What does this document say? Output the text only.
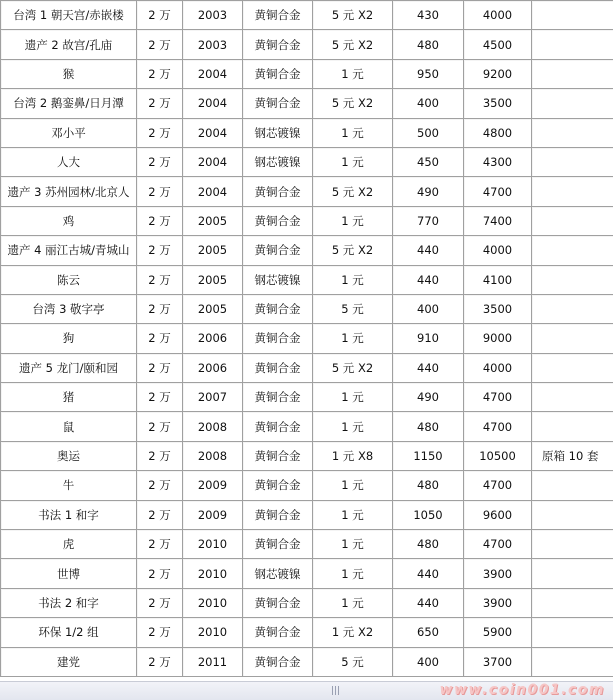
台湾 1 朝天宫/赤嵌楼	2 万	2003	黄铜合金	5 元 X2	430	4000	
遗产 2 故宫/孔庙	2 万	2003	黄铜合金	5 元 X2	480	4500	
猴	2 万	2004	黄铜合金	1 元	950	9200	
台湾 2 鹅銮鼻/日月潭	2 万	2004	黄铜合金	5 元 X2	400	3500	
邓小平	2 万	2004	钢芯镀镍	1 元	500	4800	
人大	2 万	2004	钢芯镀镍	1 元	450	4300	
遗产 3 苏州园林/北京人	2 万	2004	黄铜合金	5 元 X2	490	4700	
鸡	2 万	2005	黄铜合金	1 元	770	7400	
遗产 4 丽江古城/青城山	2 万	2005	黄铜合金	5 元 X2	440	4000	
陈云	2 万	2005	钢芯镀镍	1 元	440	4100	
台湾 3 敬字亭	2 万	2005	黄铜合金	5 元	400	3500	
狗	2 万	2006	黄铜合金	1 元	910	9000	
遗产 5 龙门/颐和园	2 万	2006	黄铜合金	5 元 X2	440	4000	
猪	2 万	2007	黄铜合金	1 元	490	4700	
鼠	2 万	2008	黄铜合金	1 元	480	4700	
奥运	2 万	2008	黄铜合金	1 元 X8	1150	10500	原箱 10 套
牛	2 万	2009	黄铜合金	1 元	480	4700	
书法 1 和字	2 万	2009	黄铜合金	1 元	1050	9600	
虎	2 万	2010	黄铜合金	1 元	480	4700	
世博	2 万	2010	钢芯镀镍	1 元	440	3900	
书法 2 和字	2 万	2010	黄铜合金	1 元	440	3900	
环保 1/2 组	2 万	2010	黄铜合金	1 元 X2	650	5900	
建党	2 万	2011	黄铜合金	5 元	400	3700	
www.coin001.com
